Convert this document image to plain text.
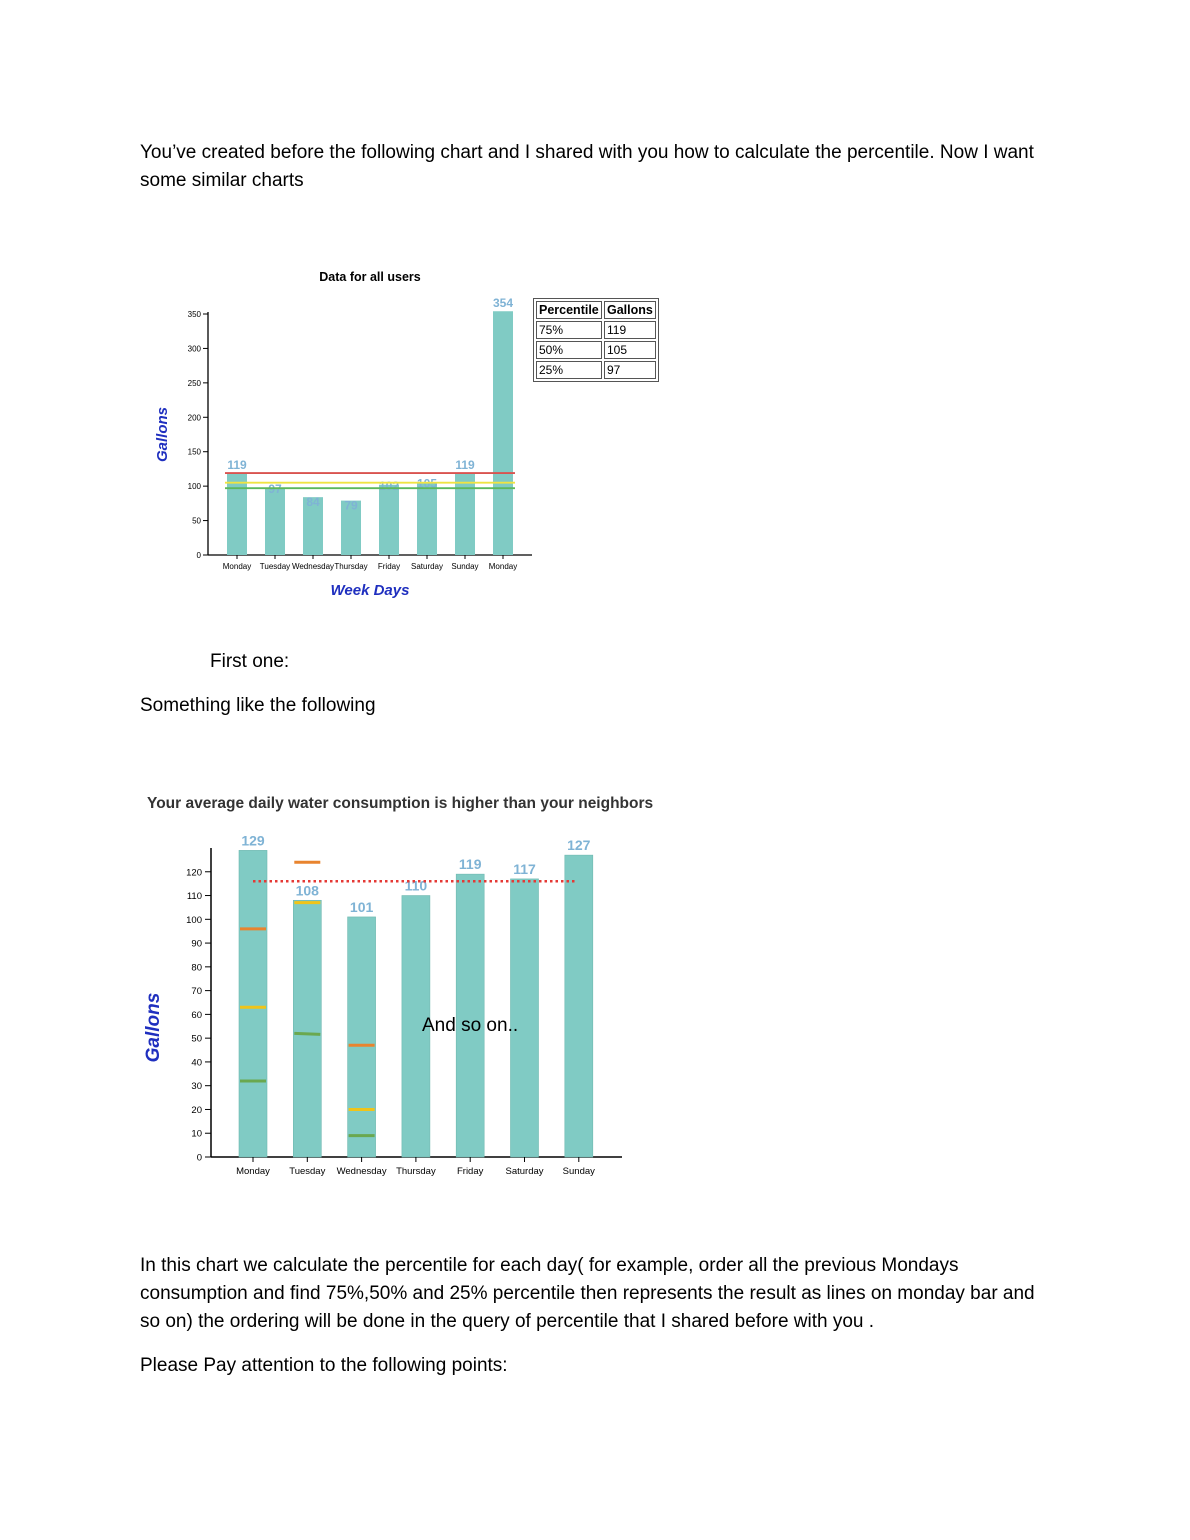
You’ve created before the following chart and I shared with you how to calculate the percentile. Now I want some similar charts

Data for all users
Gallons
Week Days
0
50
100
150
200
250
300
350
Monday
119
Tuesday
97
Wednesday
84
Thursday
79
Friday
102
Saturday
105
Sunday
119
Monday
354 Percentile	Gallons
75%	119
50%	105
25%	97

First one:

Something like the following

Your average daily water consumption is higher than your neighbors
Gallons
0
10
20
30
40
50
60
70
80
90
100
110
120
Monday
129
Tuesday
108
Wednesday
101
Thursday
110
Friday
119
Saturday
117
Sunday
127
And so on..

In this chart we calculate the percentile for each day( for example, order all the previous Mondays consumption and find 75%,50% and 25% percentile then represents the result as lines on monday bar and so on) the ordering will be done in the query of percentile that I shared before with you .

Please Pay attention to the following points:
